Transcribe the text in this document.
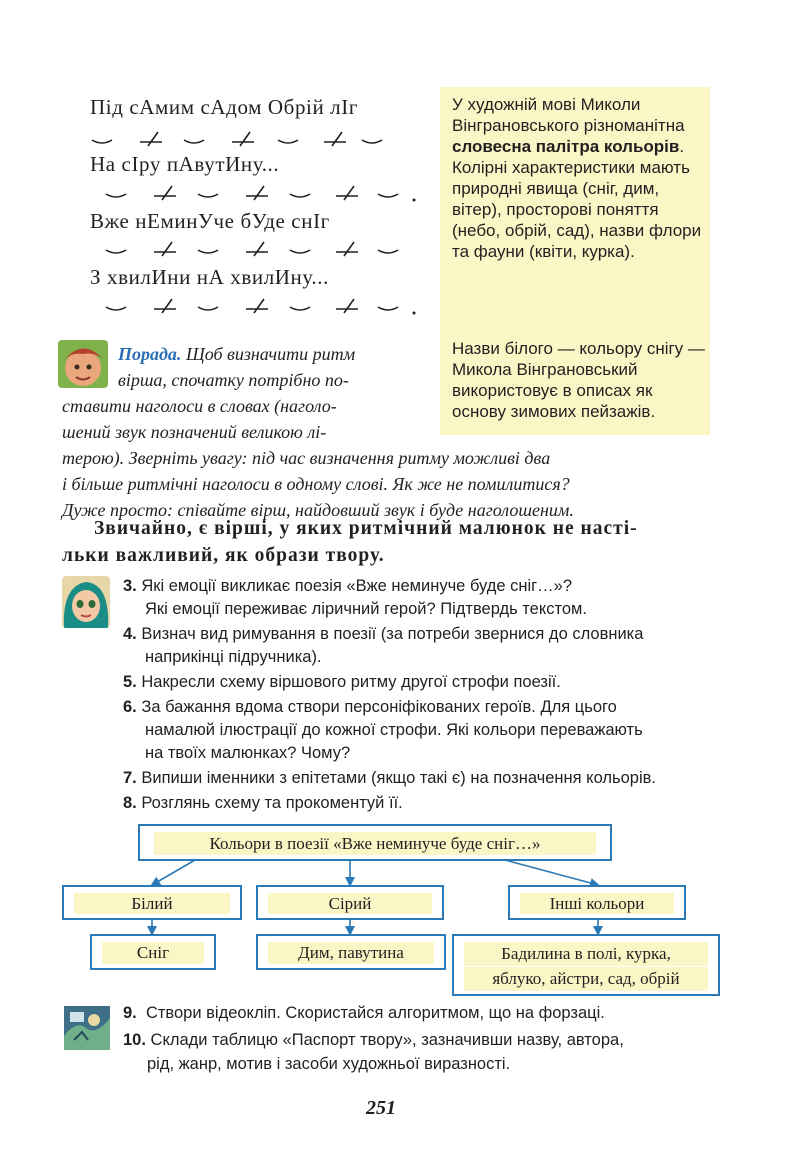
Під сАмим сАдом Обрій лІг
На сІру пАвутИну...
Вже нЕминУче бУде снІг
З хвилИни нА хвилИну...

У художній мові Миколи Вінграновського різноманітна словесна палітра кольорів. Колірні характеристики мають природні явища (сніг, дим, вітер), просторові поняття (небо, обрій, сад), назви флори та фауни (квіти, курка).

Назви білого — кольору снігу — Микола Вінграновський використовує в описах як основу зимових пейзажів.

Порада. Щоб визначити ритм
вірша, спочатку потрібно по-
ставити наголоси в словах (наголо-
шений звук позначений великою лі-
терою). Зверніть увагу: під час визначення ритму можливі два
і більше ритмічні наголоси в одному слові. Як же не помилитися?
Дуже просто: співайте вірш, найдовший звук і буде наголошеним.
Звичайно, є вірші, у яких ритмічний малюнок не насті-
льки важливий, як образи твору.
3. Які емоції викликає поезія «Вже неминуче буде сніг…»?
Які емоції переживає ліричний герой? Підтвердь текстом.
4. Визнач вид римування в поезії (за потреби звернися до словника
наприкінці підручника).
5. Накресли схему віршового ритму другої строфи поезії.
6. За бажання вдома створи персоніфікованих героїв. Для цього
намалюй ілюстрації до кожної строфи. Які кольори переважають
на твоїх малюнках? Чому?
7. Випиши іменники з епітетами (якщо такі є) на позначення кольорів.
8. Розглянь схему та прокоментуй її.
Кольори в поезії «Вже неминуче буде сніг…»
Білий	Сірий	Інші кольори
Сніг	Дим, павутина	Бадилина в полі, курка,
яблуко, айстри, сад, обрій
9. Створи відеокліп. Скористайся алгоритмом, що на форзаці.
10. Склади таблицю «Паспорт твору», зазначивши назву, автора,
рід, жанр, мотив і засоби художньої виразності.
251
